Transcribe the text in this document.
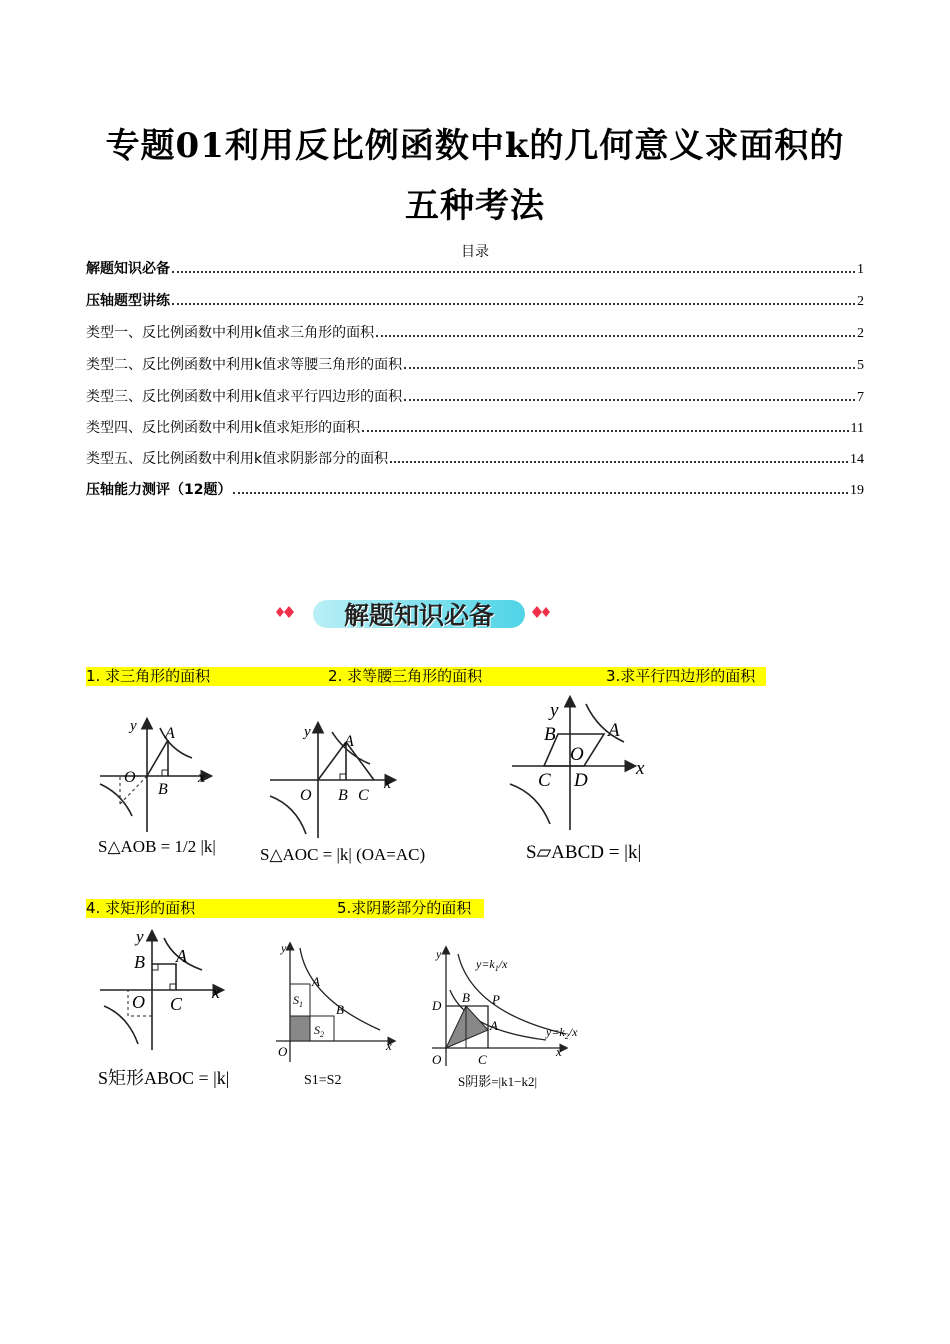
专题01利用反比例函数中k的几何意义求面积的
五种考法
目录
解题知识必备	1
压轴题型讲练	2
类型一、反比例函数中利用k值求三角形的面积	2
类型二、反比例函数中利用k值求等腰三角形的面积	5
类型三、反比例函数中利用k值求平行四边形的面积	7
类型四、反比例函数中利用k值求矩形的面积	11
类型五、反比例函数中利用k值求阴影部分的面积	14
压轴能力测评（12题）	19
解题知识必备
1. 求三角形的面积	2. 求等腰三角形的面积	3.求平行四边形的面积
4. 求矩形的面积	5.求阴影部分的面积
y A
O	x
B
S△AOB = 1/2 |k|
y
A
O B C
x
S△AOC = |k| (OA=AC)
y
B	A
O
x
C D
S▱ABCD = |k|
y
B A
O C
x
S矩形ABOC = |k|
y
A
$S_1$	B
$S_2$
O	x
S1=S2
y
$y=k_1/x$
B P
D
A	$y=k_2/x$
O	C
x
S阴影=|k1−k2|
